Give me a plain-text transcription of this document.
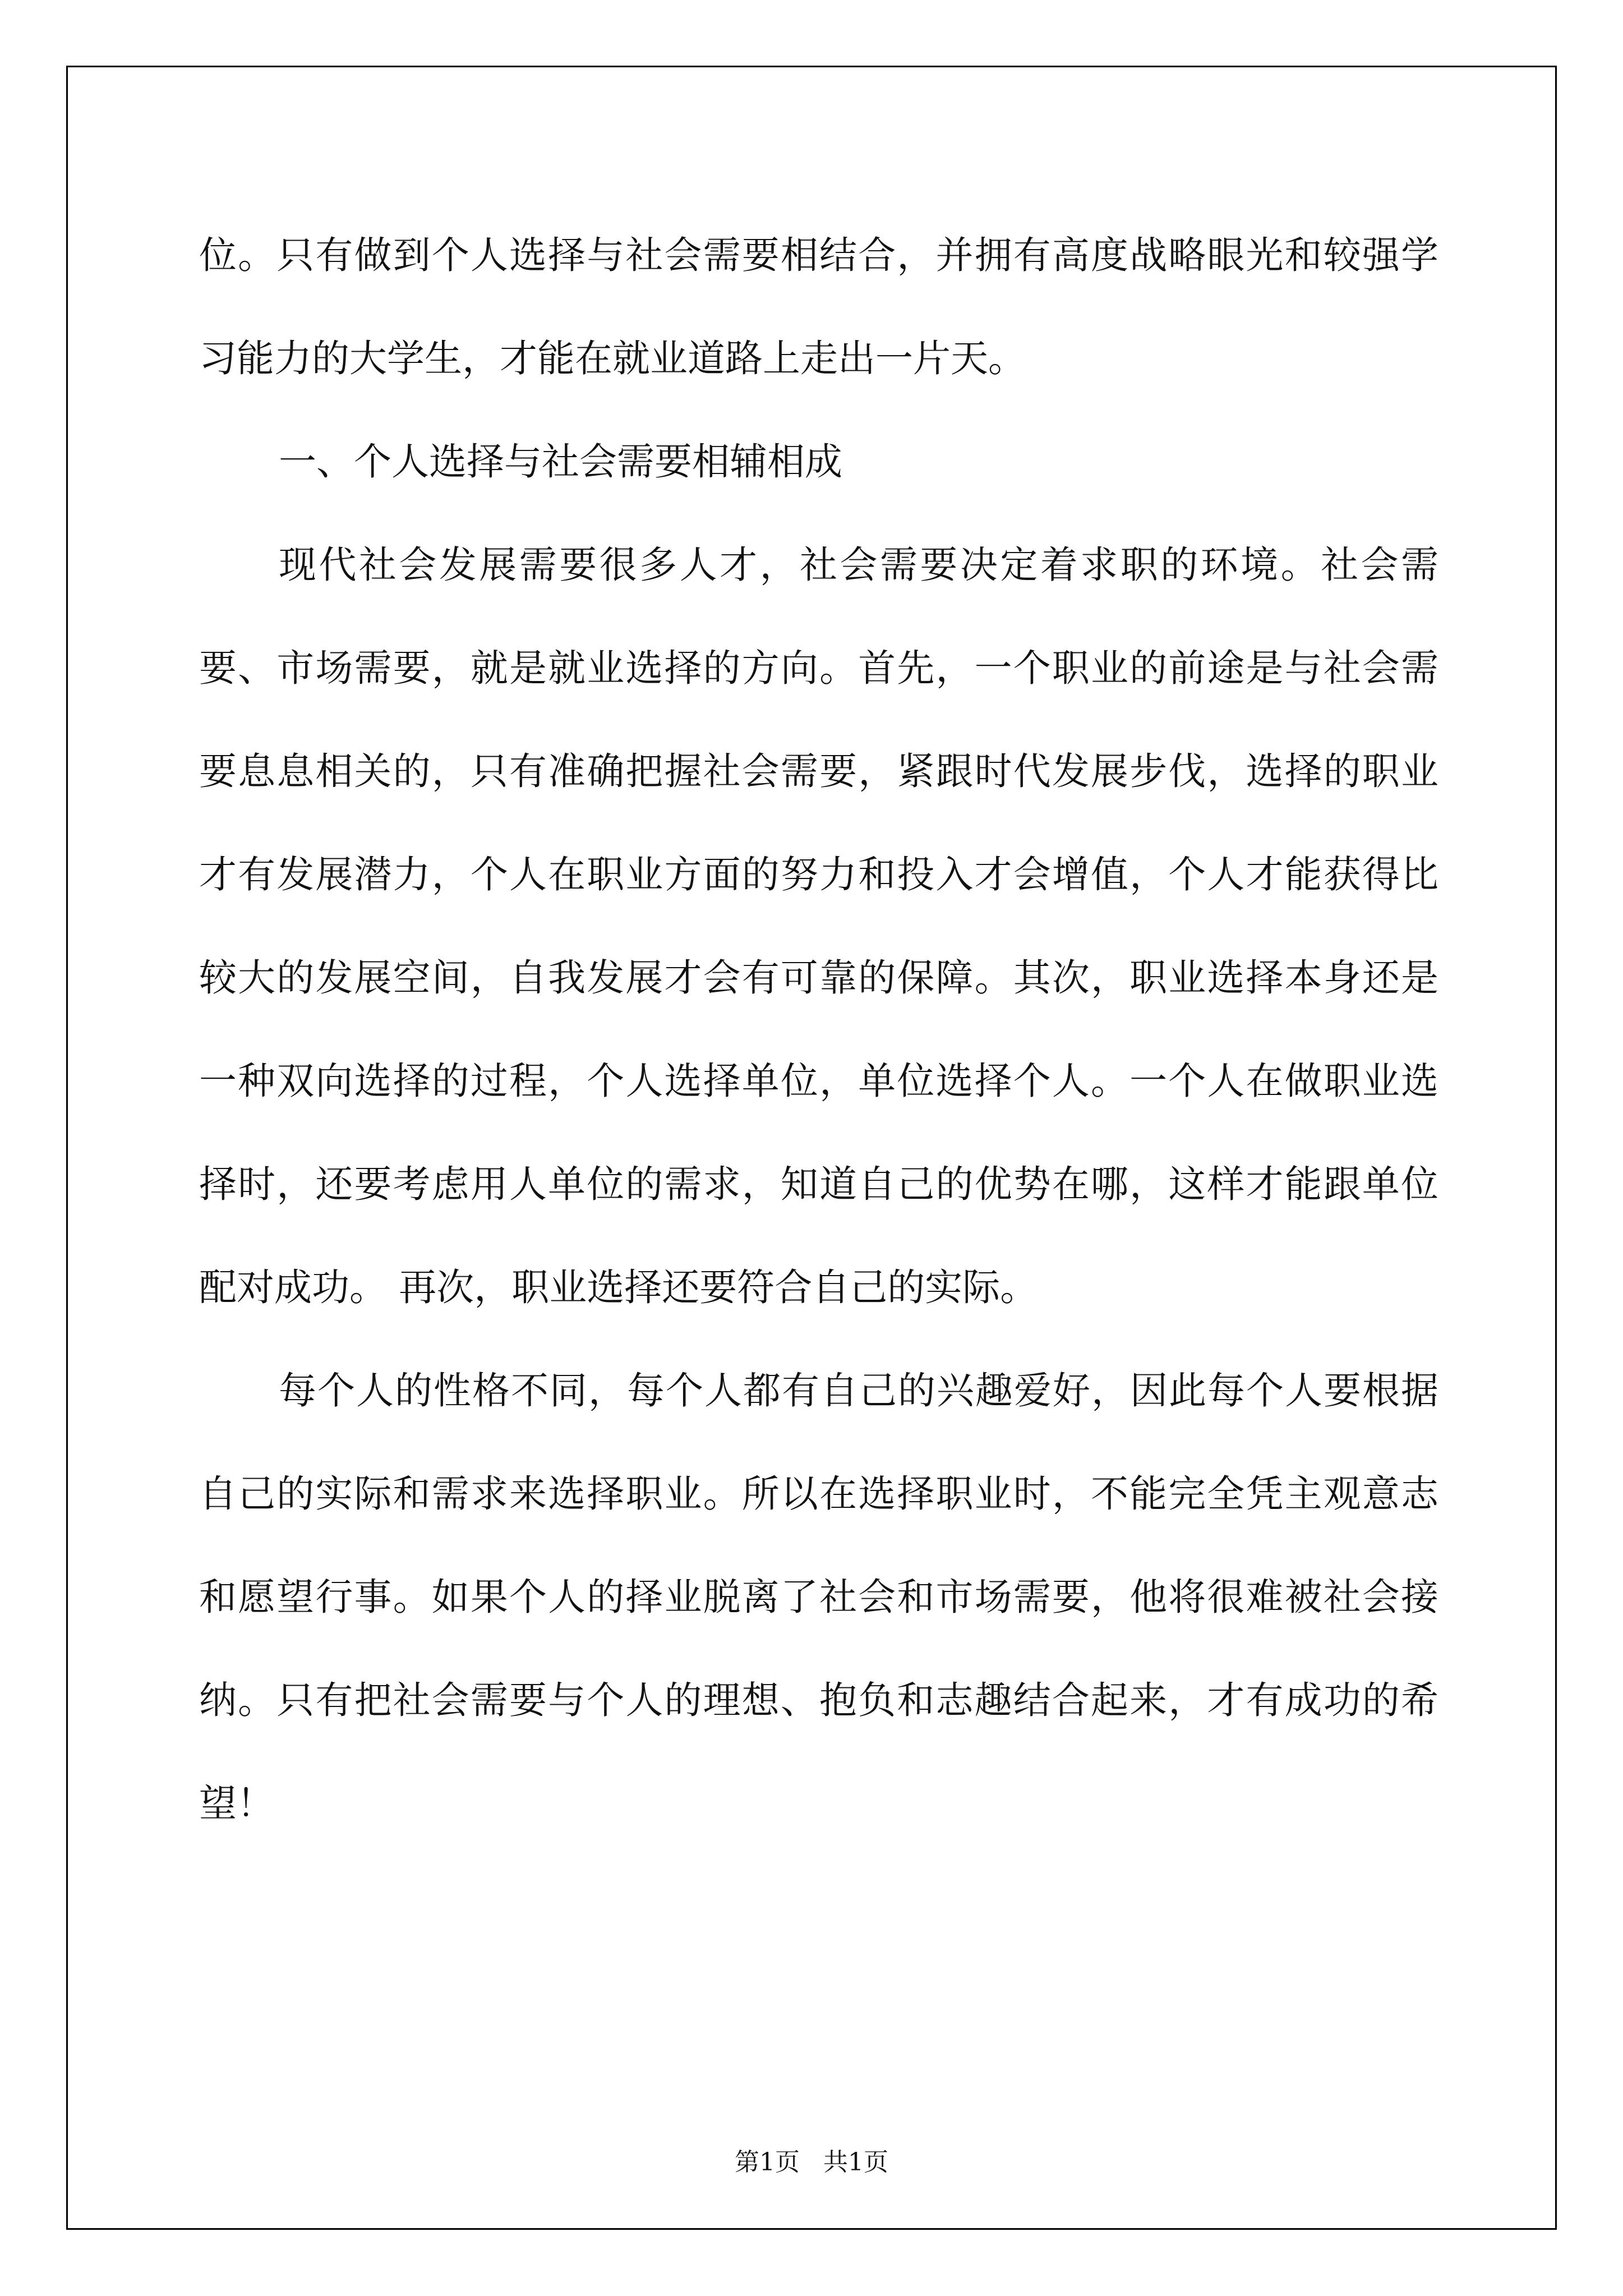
位。只有做到个人选择与社会需要相结合，并拥有高度战略眼光和较强学习能力的大学生，才能在就业道路上走出一片天。

一、个人选择与社会需要相辅相成

现代社会发展需要很多人才，社会需要决定着求职的环境。社会需要、市场需要，就是就业选择的方向。首先，一个职业的前途是与社会需要息息相关的，只有准确把握社会需要，紧跟时代发展步伐，选择的职业才有发展潜力，个人在职业方面的努力和投入才会增值，个人才能获得比较大的发展空间，自我发展才会有可靠的保障。其次，职业选择本身还是一种双向选择的过程，个人选择单位，单位选择个人。一个人在做职业选择时，还要考虑用人单位的需求，知道自己的优势在哪，这样才能跟单位配对成功。 再次，职业选择还要符合自己的实际。

每个人的性格不同，每个人都有自己的兴趣爱好，因此每个人要根据自己的实际和需求来选择职业。所以在选择职业时，不能完全凭主观意志和愿望行事。如果个人的择业脱离了社会和市场需要，他将很难被社会接纳。只有把社会需要与个人的理想、抱负和志趣结合起来，才有成功的希望！

第1页   共1页
